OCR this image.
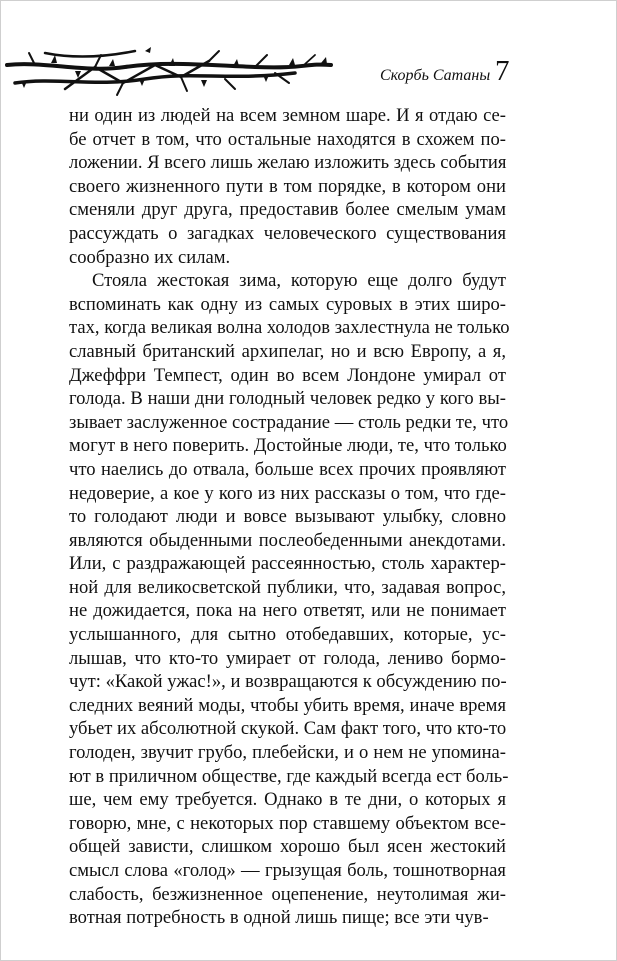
Скорбь Сатаны 7
ни один из людей на всем земном шаре. И я отдаю се-
бе отчет в том, что остальные находятся в схожем по-
ложении. Я всего лишь желаю изложить здесь события
своего жизненного пути в том порядке, в котором они
сменяли друг друга, предоставив более смелым умам
рассуждать о загадках человеческого существования
сообразно их силам.
Стояла жестокая зима, которую еще долго будут
вспоминать как одну из самых суровых в этих широ-
тах, когда великая волна холодов захлестнула не только
славный британский архипелаг, но и всю Европу, а я,
Джеффри Темпест, один во всем Лондоне умирал от
голода. В наши дни голодный человек редко у кого вы-
зывает заслуженное сострадание — столь редки те, что
могут в него поверить. Достойные люди, те, что только
что наелись до отвала, больше всех прочих проявляют
недоверие, а кое у кого из них рассказы о том, что где-
то голодают люди и вовсе вызывают улыбку, словно
являются обыденными послеобеденными анекдотами.
Или, с раздражающей рассеянностью, столь характер-
ной для великосветской публики, что, задавая вопрос,
не дожидается, пока на него ответят, или не понимает
услышанного, для сытно отобедавших, которые, ус-
лышав, что кто-то умирает от голода, лениво бормо-
чут: «Какой ужас!», и возвращаются к обсуждению по-
следних веяний моды, чтобы убить время, иначе время
убьет их абсолютной скукой. Сам факт того, что кто-то
голоден, звучит грубо, плебейски, и о нем не упомина-
ют в приличном обществе, где каждый всегда ест боль-
ше, чем ему требуется. Однако в те дни, о которых я
говорю, мне, с некоторых пор ставшему объектом все-
общей зависти, слишком хорошо был ясен жестокий
смысл слова «голод» — грызущая боль, тошнотворная
слабость, безжизненное оцепенение, неутолимая жи-
вотная потребность в одной лишь пище; все эти чув-
